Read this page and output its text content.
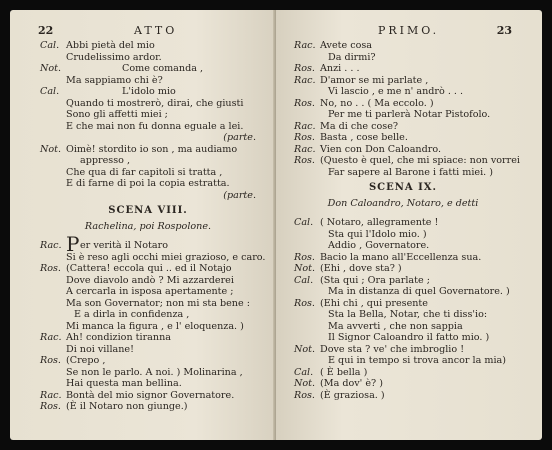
22	ATTO
Cal. Abbi pietà del mio
Crudelissimo ardor.
Not.	Come comanda ,
Ma sappiamo chi è?
Cal.	L'idolo mio
Quando ti mostrerò, dirai, che giusti
Sono gli affetti miei ;
E che mai non fu donna eguale a lei.
(parte.
Not. Oimè! stordito io son , ma audiamo
appresso ,
Che qua di far capitoli si tratta ,
E di farne di poi la copia estratta.
(parte.
SCENA VIII.
Rachelina, poi Rospolone.
Rac. P er verità il Notaro
Si è reso agli occhi miei grazioso, e caro.
Ros. (Cattera! eccola qui .. ed il Notajo
Dove diavolo andò ? Mi azzarderei
A cercarla in isposa apertamente ;
Ma son Governator; non mi sta bene :
E a dirla in confidenza ,
Mi manca la figura , e l' eloquenza. )
Rac. Ah! condizion tiranna
Di noi villane!
Ros. (Crepo ,
Se non le parlo. A noi. ) Molinarina ,
Hai questa man bellina.
Rac. Bontà del mio signor Governatore.
Ros. (È il Notaro non giunge.)
PRIMO.	23
Rac. Avete cosa
Da dirmi?
Ros. Anzi . . .
Rac. D'amor se mi parlate ,
Vi lascio , e me n' andrò . . .
Ros. No, no . . ( Ma eccolo. )
Per me ti parlerà Notar Pistofolo.
Rac. Ma di che cose?
Ros. Basta , cose belle.
Rac. Vien con Don Caloandro.
Ros. (Questo è quel, che mi spiace: non vorrei
Far sapere al Barone i fatti miei. )
SCENA IX.
Don Caloandro, Notaro, e detti
Cal. ( Notaro, allegramente !
Sta qui l'Idolo mio. )
Addio , Governatore.
Ros. Bacio la mano all'Eccellenza sua.
Not. (Ehi , dove sta? )
Cal. (Sta qui ; Ora parlate ;
Ma in distanza di quel Governatore. )
Ros. (Ehi chi , qui presente
Sta la Bella, Notar, che ti diss'io:
Ma avverti , che non sappia
Il Signor Caloandro il fatto mio. )
Not. Dove sta ? ve' che imbroglio !
E qui in tempo si trova ancor la mia)
Cal. ( È bella )
Not. (Ma dov' è? )
Ros. (È graziosa. )
